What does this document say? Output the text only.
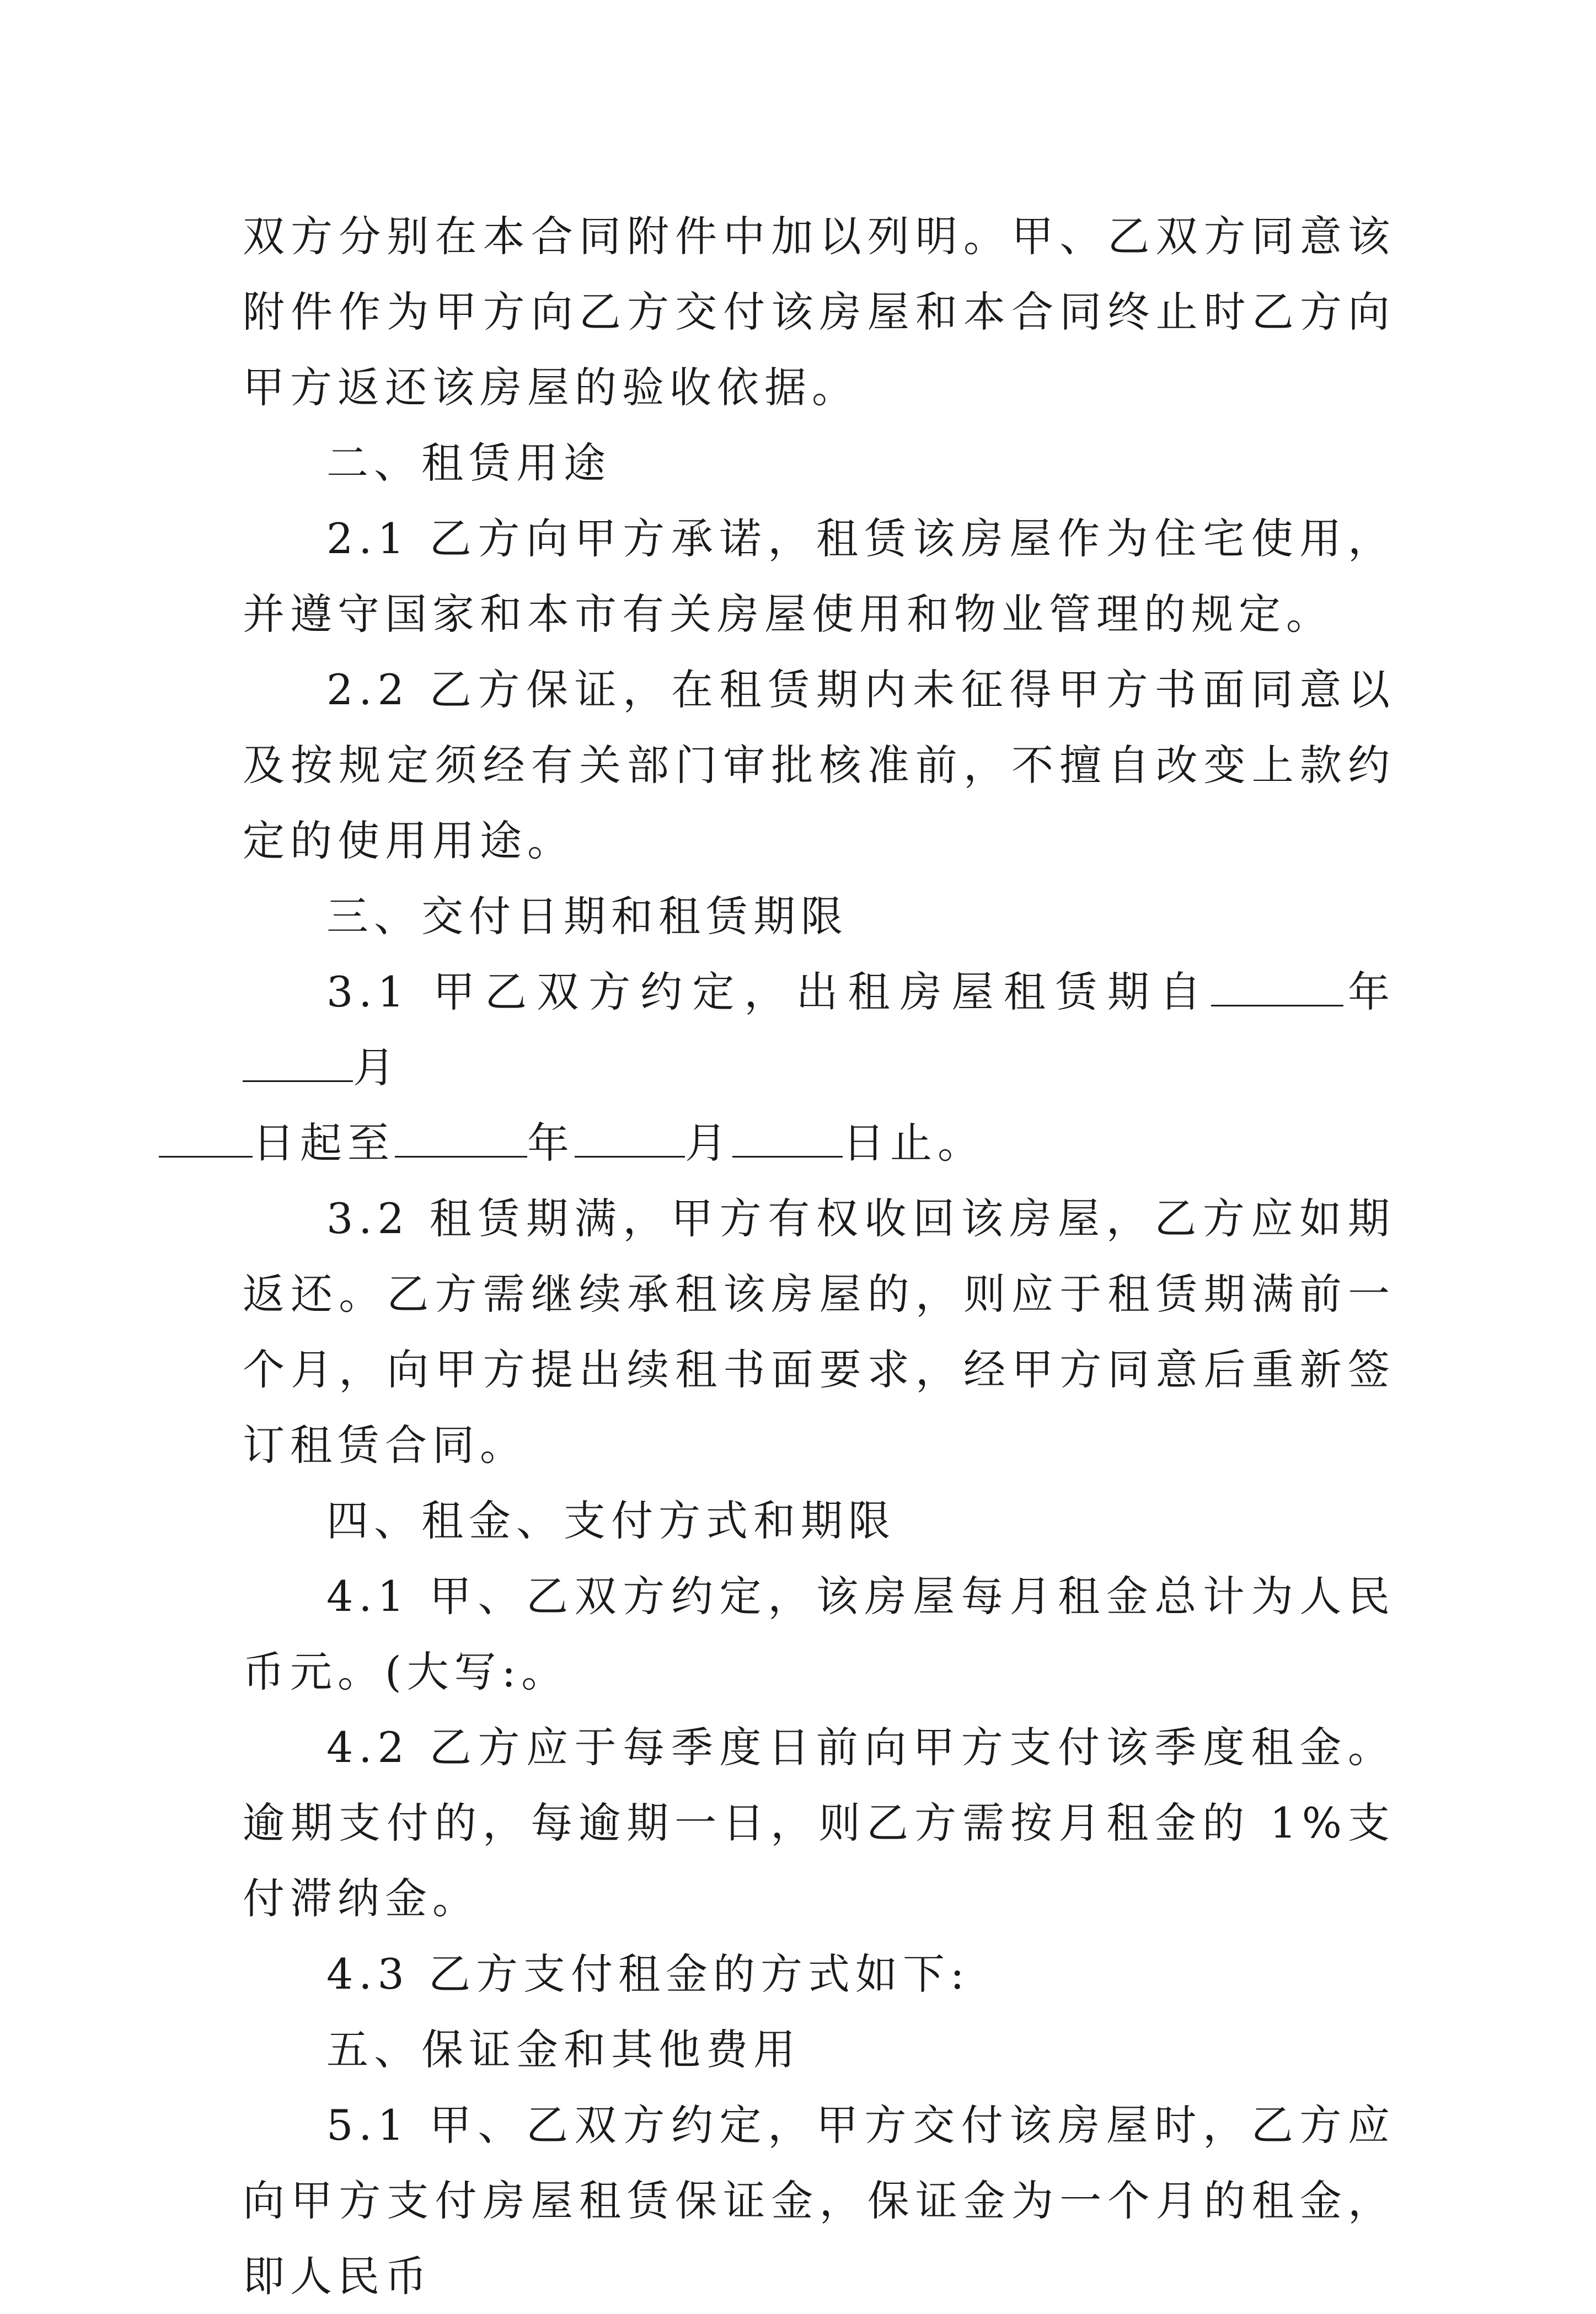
双方分别在本合同附件中加以列明。甲、乙双方同意该附件作为甲方向乙方交付该房屋和本合同终止时乙方向甲方返还该房屋的验收依据。

二、租赁用途

2.1 乙方向甲方承诺，租赁该房屋作为住宅使用，并遵守国家和本市有关房屋使用和物业管理的规定。

2.2 乙方保证，在租赁期内未征得甲方书面同意以及按规定须经有关部门审批核准前，不擅自改变上款约定的使用用途。

三、交付日期和租赁期限

3.1 甲乙双方约定，出租房屋租赁期自	年月
日起至	年	月	日止。

3.2 租赁期满，甲方有权收回该房屋，乙方应如期返还。乙方需继续承租该房屋的，则应于租赁期满前一个月，向甲方提出续租书面要求，经甲方同意后重新签订租赁合同。

四、租金、支付方式和期限

4.1 甲、乙双方约定，该房屋每月租金总计为人民币元。(大写:。

4.2 乙方应于每季度日前向甲方支付该季度租金。逾期支付的，每逾期一日，则乙方需按月租金的 1%支付滞纳金。

4.3 乙方支付租金的方式如下:

五、保证金和其他费用

5.1 甲、乙双方约定，甲方交付该房屋时，乙方应向甲方支付房屋租赁保证金，保证金为一个月的租金，即人民币
